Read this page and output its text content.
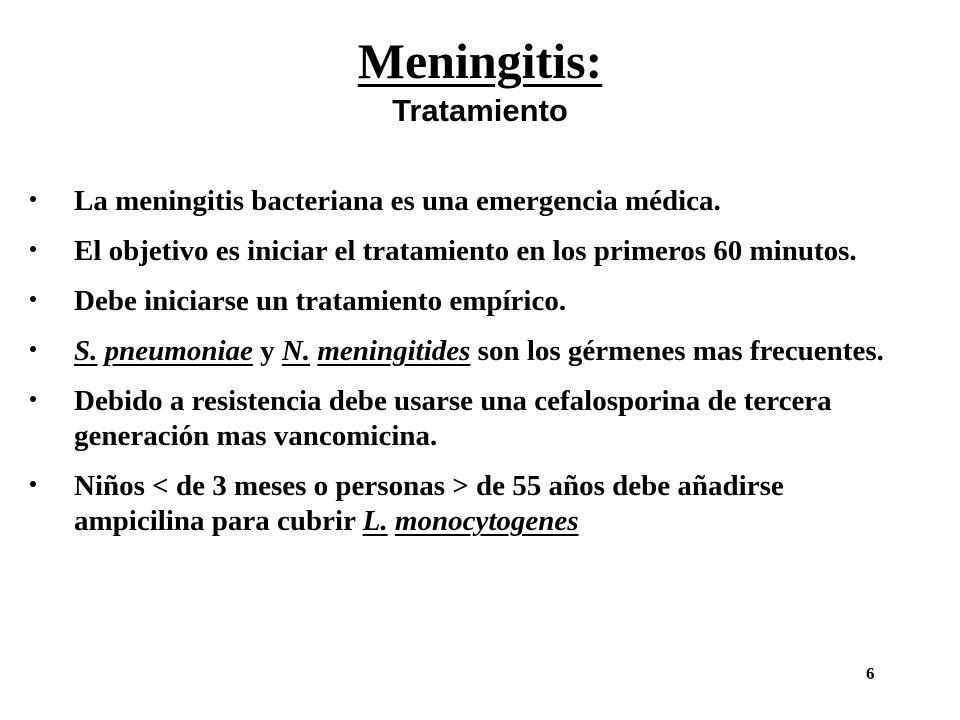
Meningitis:
Tratamiento
La meningitis bacteriana es una emergencia médica.
El objetivo es iniciar el tratamiento en los primeros 60 minutos.
Debe iniciarse un tratamiento empírico.
S. pneumoniae y N. meningitides son los gérmenes mas frecuentes.
Debido a resistencia debe usarse una cefalosporina de tercera generación mas vancomicina.
Niños < de 3 meses o personas > de 55 años debe añadirse ampicilina para cubrir L. monocytogenes
6
